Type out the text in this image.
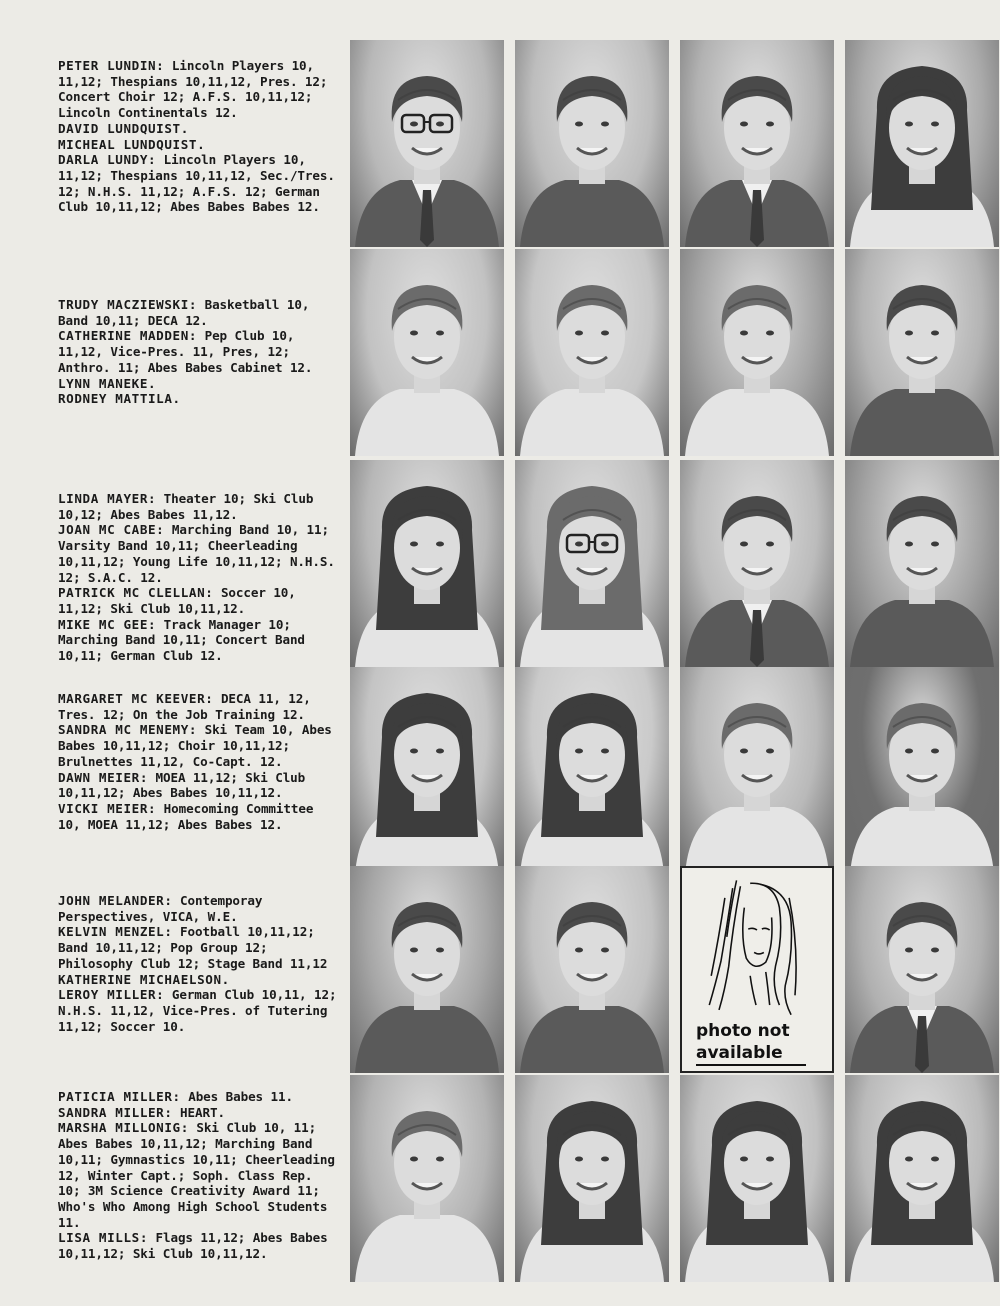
PETER LUNDIN: Lincoln Players 10, 11,12; Thespians 10,11,12, Pres. 12; Concert Choir 12; A.F.S. 10,11,12; Lincoln Continentals 12.
DAVID LUNDQUIST.
MICHEAL LUNDQUIST.
DARLA LUNDY: Lincoln Players 10, 11,12; Thespians 10,11,12, Sec./Tres. 12; N.H.S. 11,12; A.F.S. 12; German Club 10,11,12; Abes Babes Babes 12.
TRUDY MACZIEWSKI: Basketball 10, Band 10,11; DECA 12.
CATHERINE MADDEN: Pep Club 10, 11,12, Vice-Pres. 11, Pres, 12; Anthro. 11; Abes Babes Cabinet 12.
LYNN MANEKE.
RODNEY MATTILA.
LINDA MAYER: Theater 10; Ski Club 10,12; Abes Babes 11,12.
JOAN MC CABE: Marching Band 10, 11; Varsity Band 10,11; Cheerleading 10,11,12; Young Life 10,11,12; N.H.S. 12; S.A.C. 12.
PATRICK MC CLELLAN: Soccer 10, 11,12; Ski Club 10,11,12.
MIKE MC GEE: Track Manager 10; Marching Band 10,11; Concert Band 10,11; German Club 12.
MARGARET MC KEEVER: DECA 11, 12, Tres. 12; On the Job Training 12.
SANDRA MC MENEMY: Ski Team 10, Abes Babes 10,11,12; Choir 10,11,12; Brulnettes 11,12, Co-Capt. 12.
DAWN MEIER: MOEA 11,12; Ski Club 10,11,12; Abes Babes 10,11,12.
VICKI MEIER: Homecoming Committee 10, MOEA 11,12; Abes Babes 12.
JOHN MELANDER: Contemporay Perspectives, VICA, W.E.
KELVIN MENZEL: Football 10,11,12; Band 10,11,12; Pop Group 12; Philosophy Club 12; Stage Band 11,12
KATHERINE MICHAELSON.
LEROY MILLER: German Club 10,11, 12; N.H.S. 11,12, Vice-Pres. of Tutering 11,12; Soccer 10.	photo not
available
PATICIA MILLER: Abes Babes 11.
SANDRA MILLER: HEART.
MARSHA MILLONIG: Ski Club 10, 11; Abes Babes 10,11,12; Marching Band 10,11; Gymnastics 10,11; Cheerleading 12, Winter Capt.; Soph. Class Rep. 10; 3M Science Creativity Award 11; Who's Who Among High School Students 11.
LISA MILLS: Flags 11,12; Abes Babes 10,11,12; Ski Club 10,11,12.
